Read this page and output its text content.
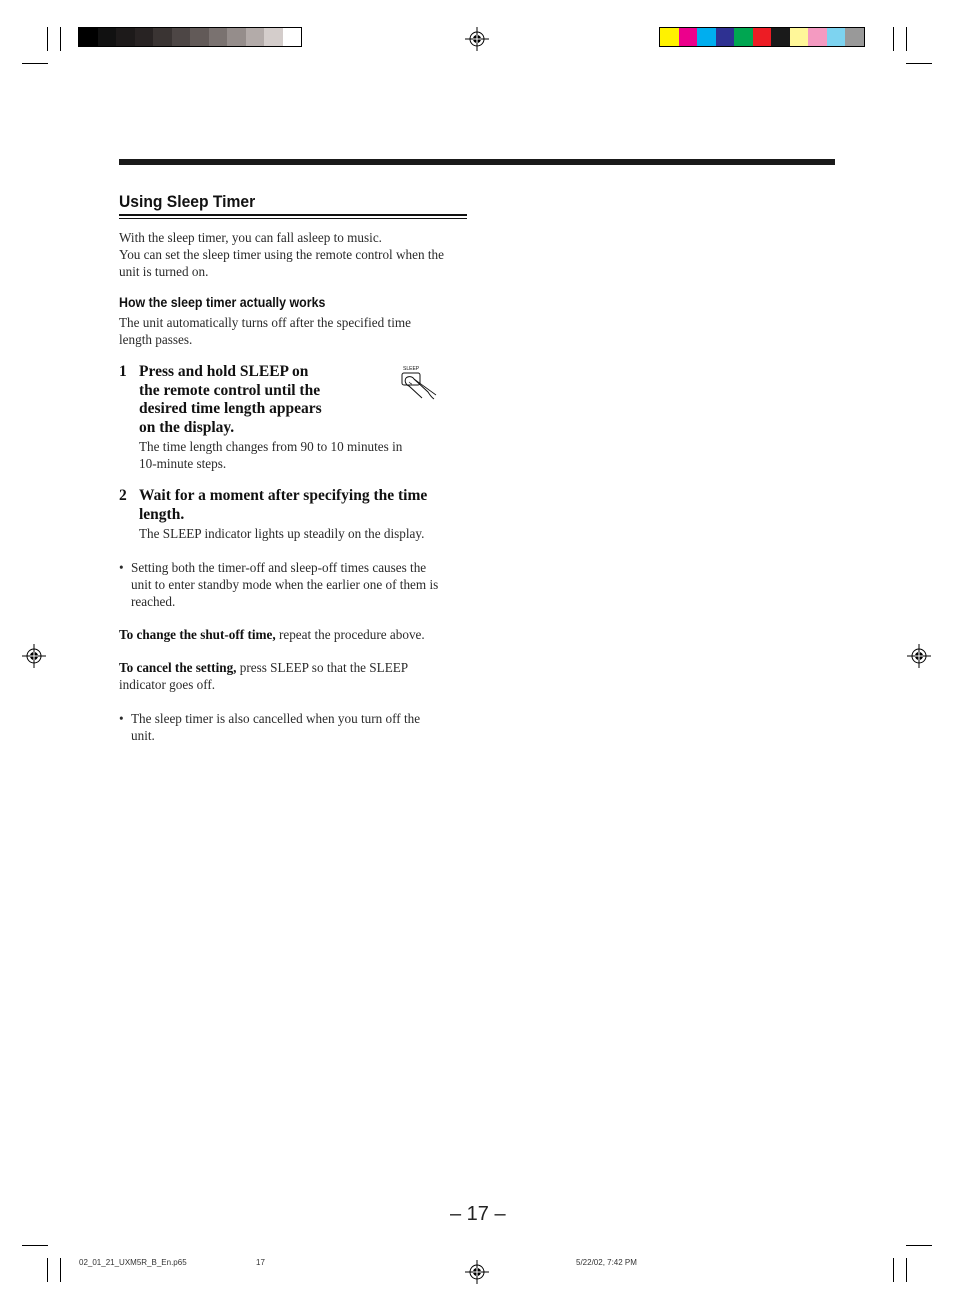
Using Sleep Timer
With the sleep timer, you can fall asleep to music.
You can set the sleep timer using the remote control when the
unit is turned on.
How the sleep timer actually works
The unit automatically turns off after the specified time
length passes.
1 Press and hold SLEEP on
the remote control until the
desired time length appears
on the display.
The time length changes from 90 to 10 minutes in
10-minute steps.
SLEEP
2 Wait for a moment after specifying the time
length.
The SLEEP indicator lights up steadily on the display.
• Setting both the timer-off and sleep-off times causes the
unit to enter standby mode when the earlier one of them is
reached.
To change the shut-off time, repeat the procedure above.
To cancel the setting, press SLEEP so that the SLEEP
indicator goes off.
• The sleep timer is also cancelled when you turn off the
unit.
– 17 –
02_01_21_UXM5R_B_En.p65	17	5/22/02, 7:42 PM
